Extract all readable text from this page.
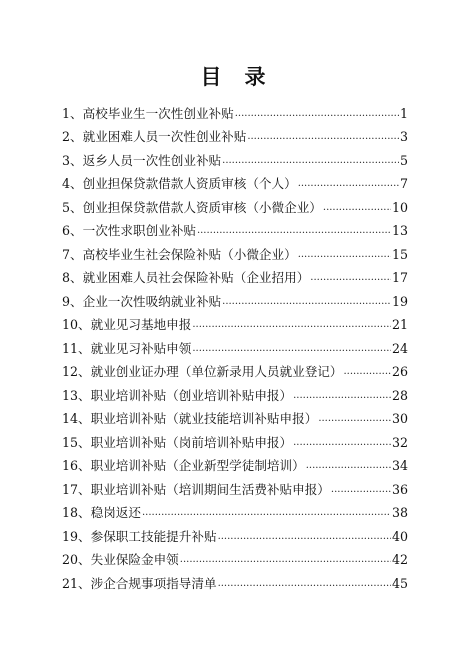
目　录
1、高校毕业生一次性创业补贴 .....	1
2、就业困难人员一次性创业补贴 .....	3
3、返乡人员一次性创业补贴 .....	5
4、创业担保贷款借款人资质审核（个人） .....	7
5、创业担保贷款借款人资质审核（小微企业） .....	10
6、一次性求职创业补贴 .....	13
7、高校毕业生社会保险补贴（小微企业） .....	15
8、就业困难人员社会保险补贴（企业招用） .....	17
9、企业一次性吸纳就业补贴 .....	19
10、就业见习基地申报 .....	21
11、就业见习补贴申领 .....	24
12、就业创业证办理（单位新录用人员就业登记） .....	26
13、职业培训补贴（创业培训补贴申报） .....	28
14、职业培训补贴（就业技能培训补贴申报） .....	30
15、职业培训补贴（岗前培训补贴申报） .....	32
16、职业培训补贴（企业新型学徒制培训） .....	34
17、职业培训补贴（培训期间生活费补贴申报） .....	36
18、稳岗返还 .....	38
19、参保职工技能提升补贴 .....	40
20、失业保险金申领 .....	42
21、涉企合规事项指导清单 .....	45
